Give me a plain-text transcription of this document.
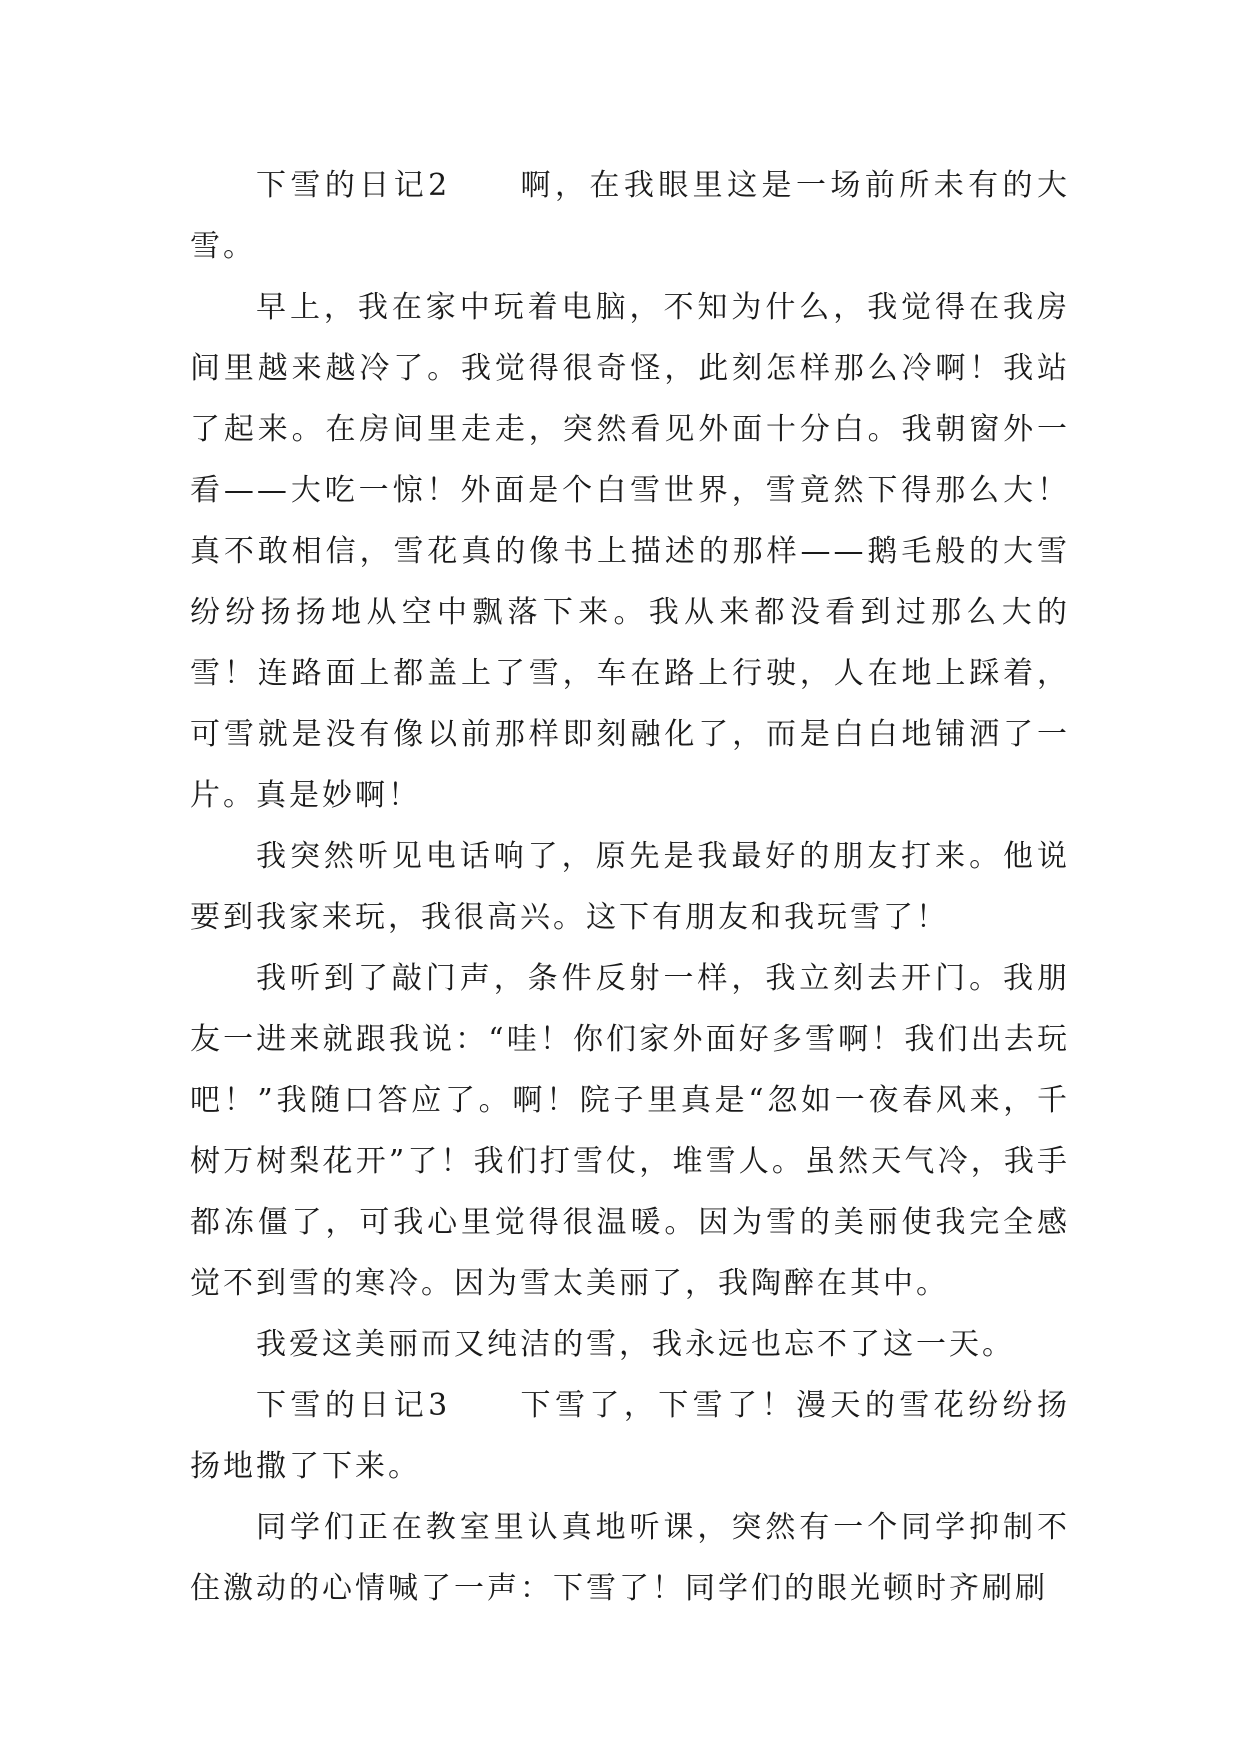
下雪的日记2　　啊，在我眼里这是一场前所未有的大雪。

早上，我在家中玩着电脑，不知为什么，我觉得在我房间里越来越冷了。我觉得很奇怪，此刻怎样那么冷啊！我站了起来。在房间里走走，突然看见外面十分白。我朝窗外一看——大吃一惊！外面是个白雪世界，雪竟然下得那么大！真不敢相信，雪花真的像书上描述的那样——鹅毛般的大雪纷纷扬扬地从空中飘落下来。我从来都没看到过那么大的雪！连路面上都盖上了雪，车在路上行驶，人在地上踩着，可雪就是没有像以前那样即刻融化了，而是白白地铺洒了一片。真是妙啊！

我突然听见电话响了，原先是我最好的朋友打来。他说要到我家来玩，我很高兴。这下有朋友和我玩雪了！

我听到了敲门声，条件反射一样，我立刻去开门。我朋友一进来就跟我说：“哇！你们家外面好多雪啊！我们出去玩吧！”我随口答应了。啊！院子里真是“忽如一夜春风来，千树万树梨花开”了！我们打雪仗，堆雪人。虽然天气冷，我手都冻僵了，可我心里觉得很温暖。因为雪的美丽使我完全感觉不到雪的寒冷。因为雪太美丽了，我陶醉在其中。

我爱这美丽而又纯洁的雪，我永远也忘不了这一天。

下雪的日记3　　下雪了，下雪了！漫天的雪花纷纷扬扬地撒了下来。

同学们正在教室里认真地听课，突然有一个同学抑制不住激动的心情喊了一声：下雪了！同学们的眼光顿时齐刷刷
